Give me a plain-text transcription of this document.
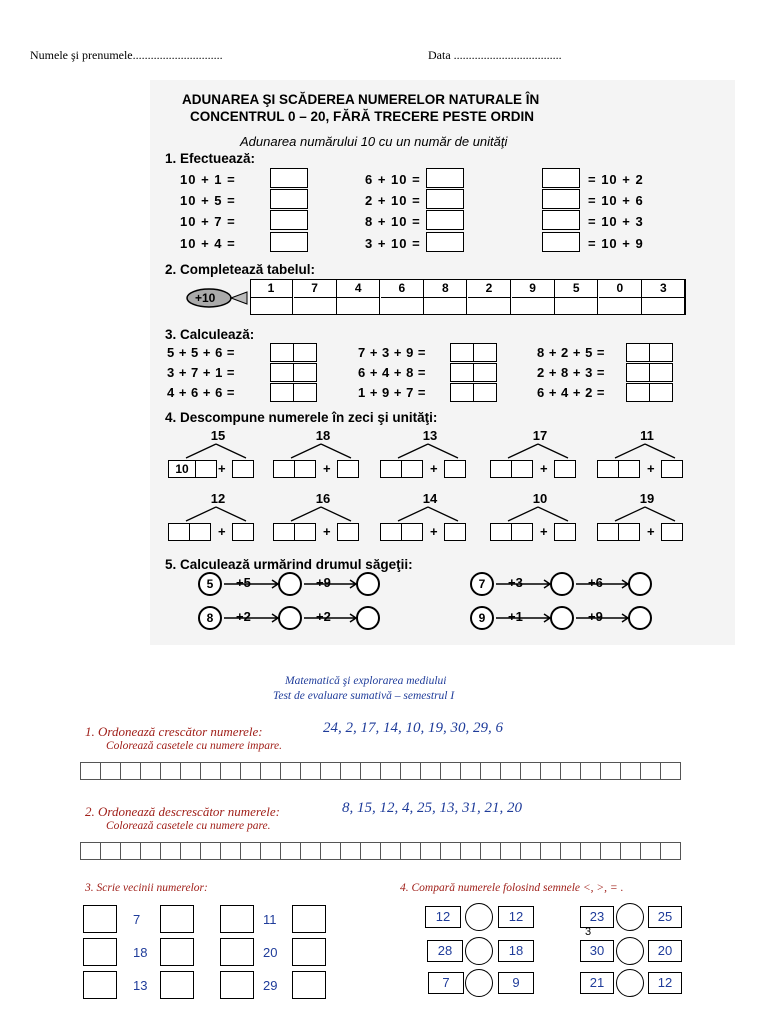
Numele şi prenumele..............................	Data ....................................
ADUNAREA ŞI SCĂDEREA NUMERELOR NATURALE ÎN
CONCENTRUL 0 – 20, FĂRĂ TRECERE PESTE ORDIN
Adunarea numărului 10 cu un număr de unităţi
1. Efectuează:
10 + 1 =	6 + 10 =	= 10 + 2
10 + 5 =	2 + 10 =	= 10 + 6
10 + 7 =	8 + 10 =	= 10 + 3
10 + 4 =	3 + 10 =	= 10 + 9
2. Completează tabelul:
+10
1	7	4	6	8	2	9	5	0	3
3. Calculează:
5 + 5 + 6 =	7 + 3 + 9 =	8 + 2 + 5 =
3 + 7 + 1 =	6 + 4 + 8 =	2 + 8 + 3 =
4 + 6 + 6 =	1 + 9 + 7 =	6 + 4 + 2 =
4. Descompune numerele în zeci şi unităţi:
15
10	+
18
+
13
+
17
+
11
+
12
+
16
+
14
+
10
+
19
+
5. Calculează urmărind drumul săgeţii:
5	+5	+9	7	+3	+6
8	+2	+2	9	+1	+9
Matematică şi explorarea mediului
Test de evaluare sumativă – semestrul I
1. Ordonează crescător numerele:	24, 2, 17, 14, 10, 19, 30, 29, 6
Colorează casetele cu numere impare.
2. Ordonează descrescător numerele:	8, 15, 12, 4, 25, 13, 31, 21, 20
Colorează casetele cu numere pare.
3. Scrie vecinii numerelor:
7	11
18	20
13	29
4. Compară numerele folosind semnele <, >, = .
12	12	23	25
28	18	30	20
7	9	21	12
3
